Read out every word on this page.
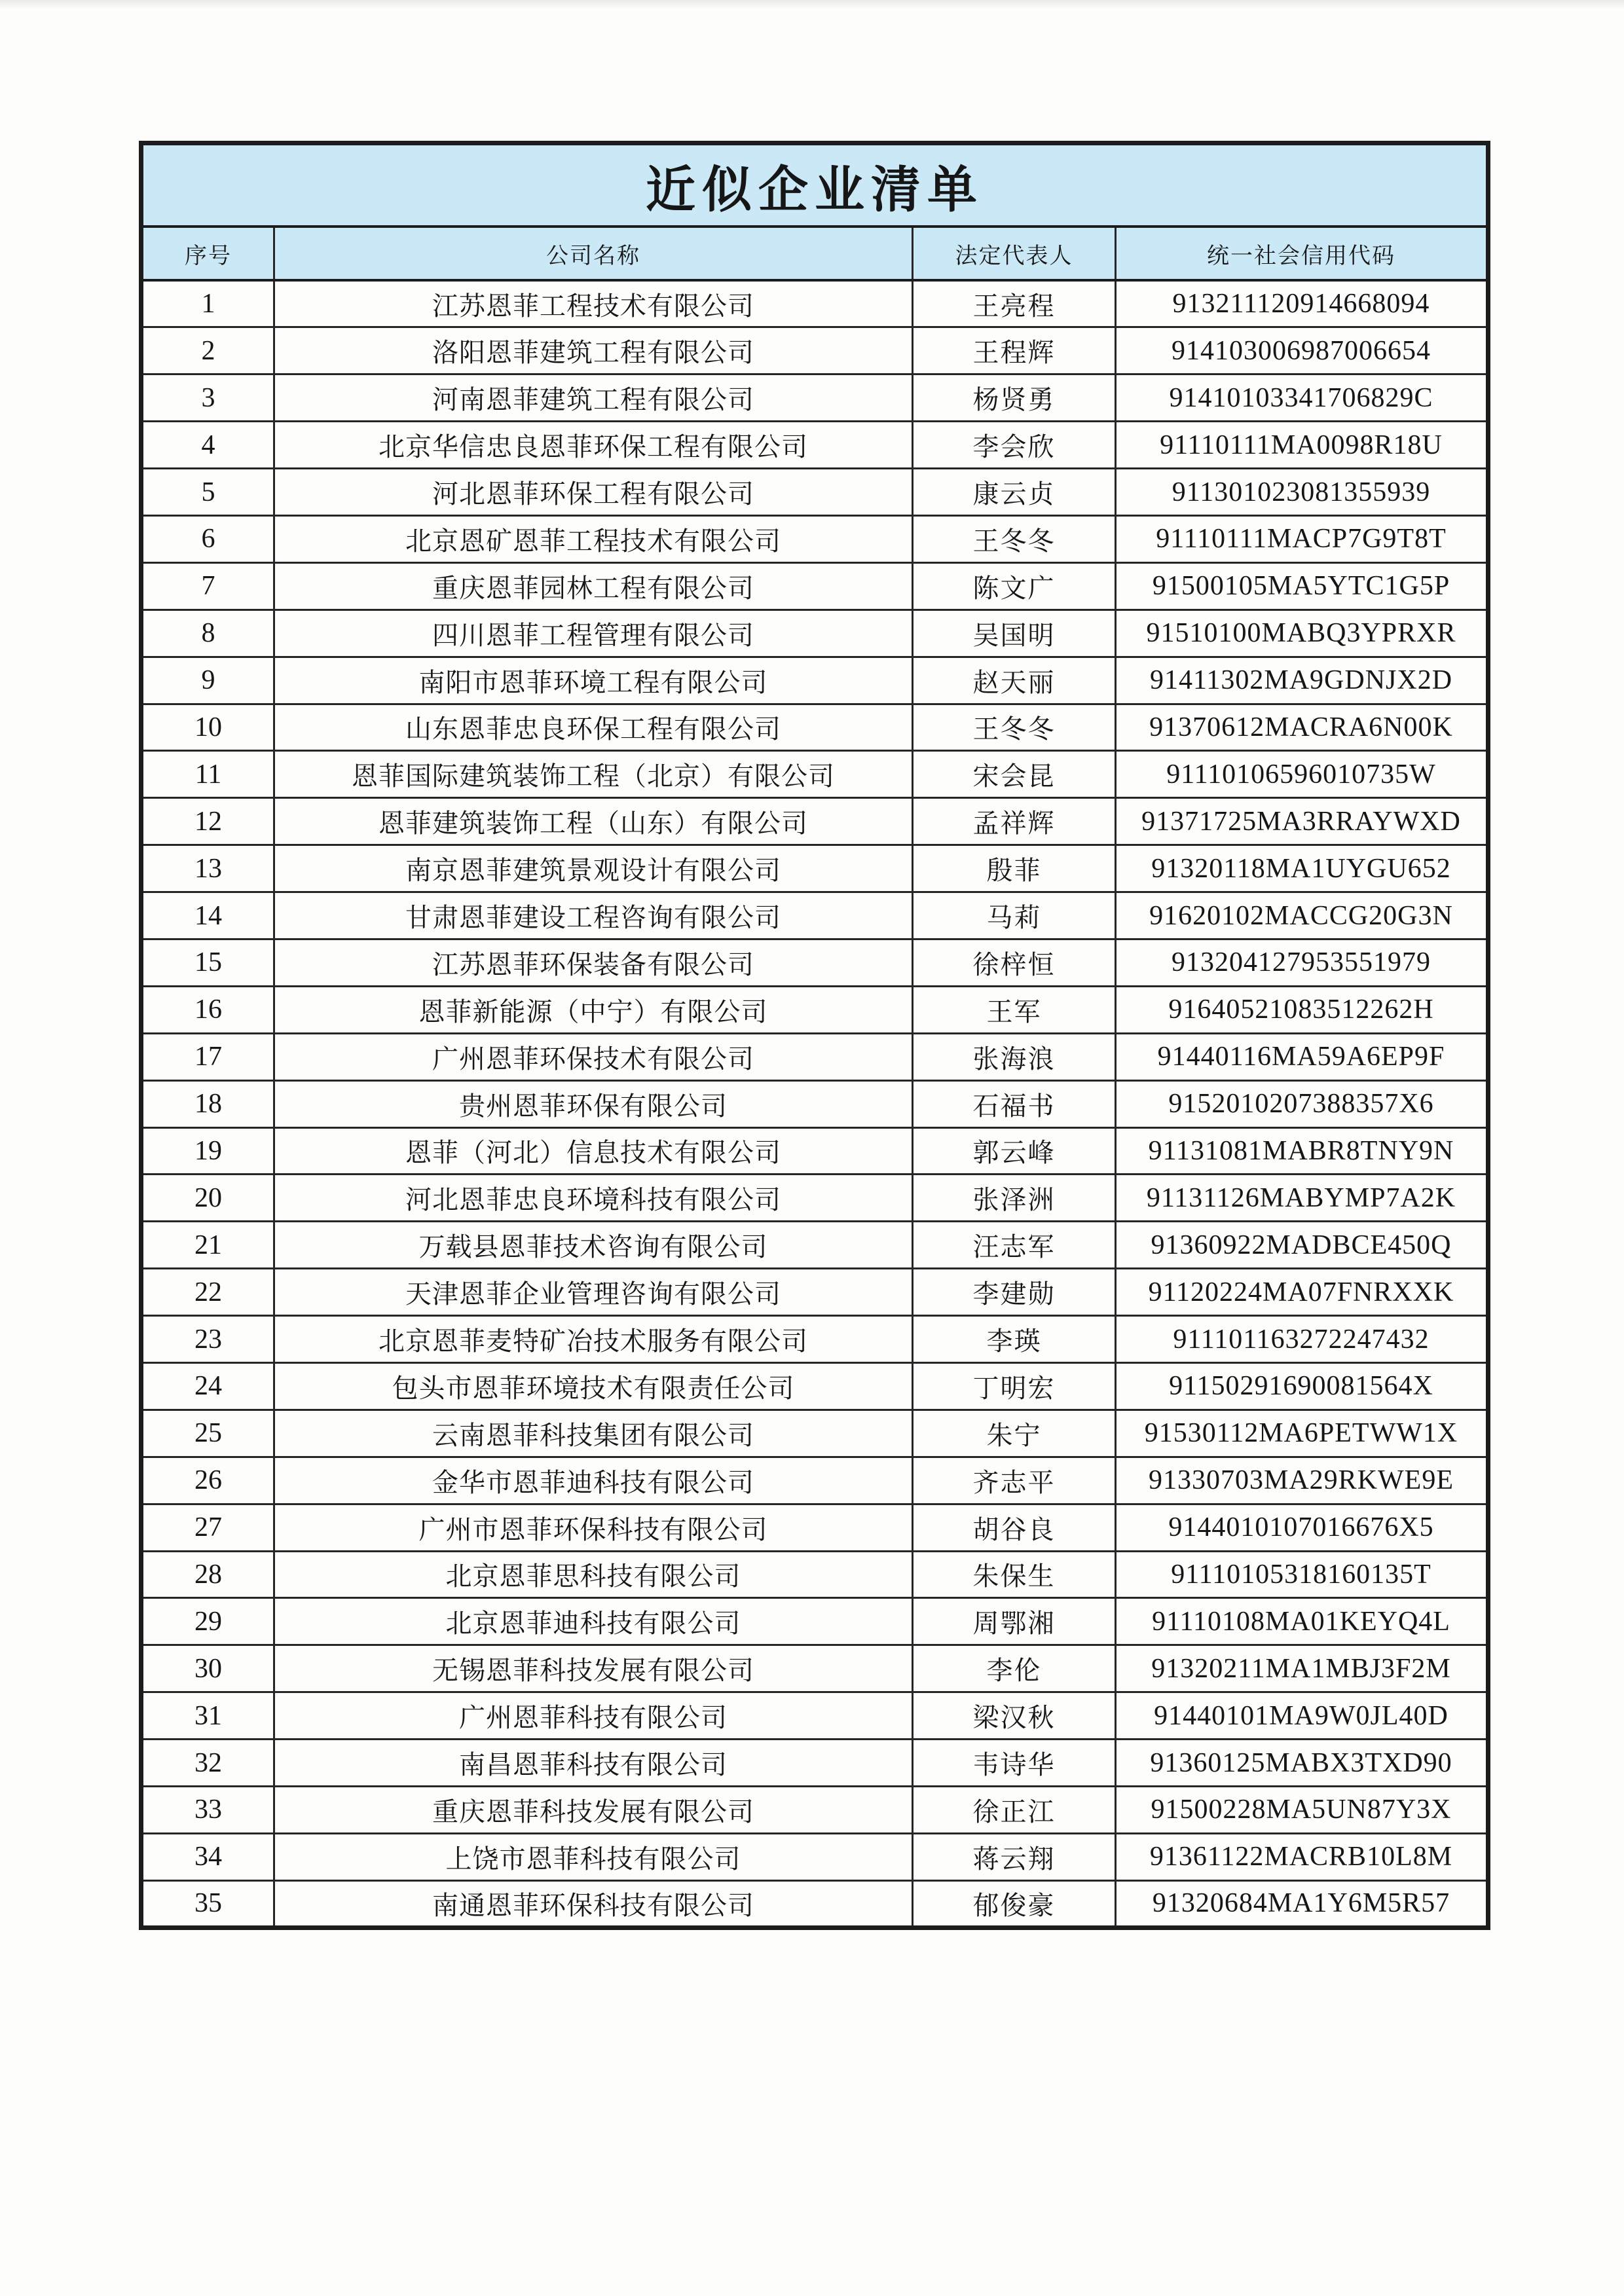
近似企业清单			
序号	公司名称	法定代表人	统一社会信用代码
1	江苏恩菲工程技术有限公司	王亮程	913211120914668094
2	洛阳恩菲建筑工程有限公司	王程辉	914103006987006654
3	河南恩菲建筑工程有限公司	杨贤勇	91410103341706829C
4	北京华信忠良恩菲环保工程有限公司	李会欣	91110111MA0098R18U
5	河北恩菲环保工程有限公司	康云贞	911301023081355939
6	北京恩矿恩菲工程技术有限公司	王冬冬	91110111MACP7G9T8T
7	重庆恩菲园林工程有限公司	陈文广	91500105MA5YTC1G5P
8	四川恩菲工程管理有限公司	吴国明	91510100MABQ3YPRXR
9	南阳市恩菲环境工程有限公司	赵天丽	91411302MA9GDNJX2D
10	山东恩菲忠良环保工程有限公司	王冬冬	91370612MACRA6N00K
11	恩菲国际建筑装饰工程（北京）有限公司	宋会昆	91110106596010735W
12	恩菲建筑装饰工程（山东）有限公司	孟祥辉	91371725MA3RRAYWXD
13	南京恩菲建筑景观设计有限公司	殷菲	91320118MA1UYGU652
14	甘肃恩菲建设工程咨询有限公司	马莉	91620102MACCG20G3N
15	江苏恩菲环保装备有限公司	徐梓恒	913204127953551979
16	恩菲新能源（中宁）有限公司	王军	91640521083512262H
17	广州恩菲环保技术有限公司	张海浪	91440116MA59A6EP9F
18	贵州恩菲环保有限公司	石福书	9152010207388357X6
19	恩菲（河北）信息技术有限公司	郭云峰	91131081MABR8TNY9N
20	河北恩菲忠良环境科技有限公司	张泽洲	91131126MABYMP7A2K
21	万载县恩菲技术咨询有限公司	汪志军	91360922MADBCE450Q
22	天津恩菲企业管理咨询有限公司	李建勋	91120224MA07FNRXXK
23	北京恩菲麦特矿冶技术服务有限公司	李瑛	911101163272247432
24	包头市恩菲环境技术有限责任公司	丁明宏	91150291690081564X
25	云南恩菲科技集团有限公司	朱宁	91530112MA6PETWW1X
26	金华市恩菲迪科技有限公司	齐志平	91330703MA29RKWE9E
27	广州市恩菲环保科技有限公司	胡谷良	9144010107016676X5
28	北京恩菲思科技有限公司	朱保生	91110105318160135T
29	北京恩菲迪科技有限公司	周鄂湘	91110108MA01KEYQ4L
30	无锡恩菲科技发展有限公司	李伦	91320211MA1MBJ3F2M
31	广州恩菲科技有限公司	梁汉秋	91440101MA9W0JL40D
32	南昌恩菲科技有限公司	韦诗华	91360125MABX3TXD90
33	重庆恩菲科技发展有限公司	徐正江	91500228MA5UN87Y3X
34	上饶市恩菲科技有限公司	蒋云翔	91361122MACRB10L8M
35	南通恩菲环保科技有限公司	郁俊豪	91320684MA1Y6M5R57
